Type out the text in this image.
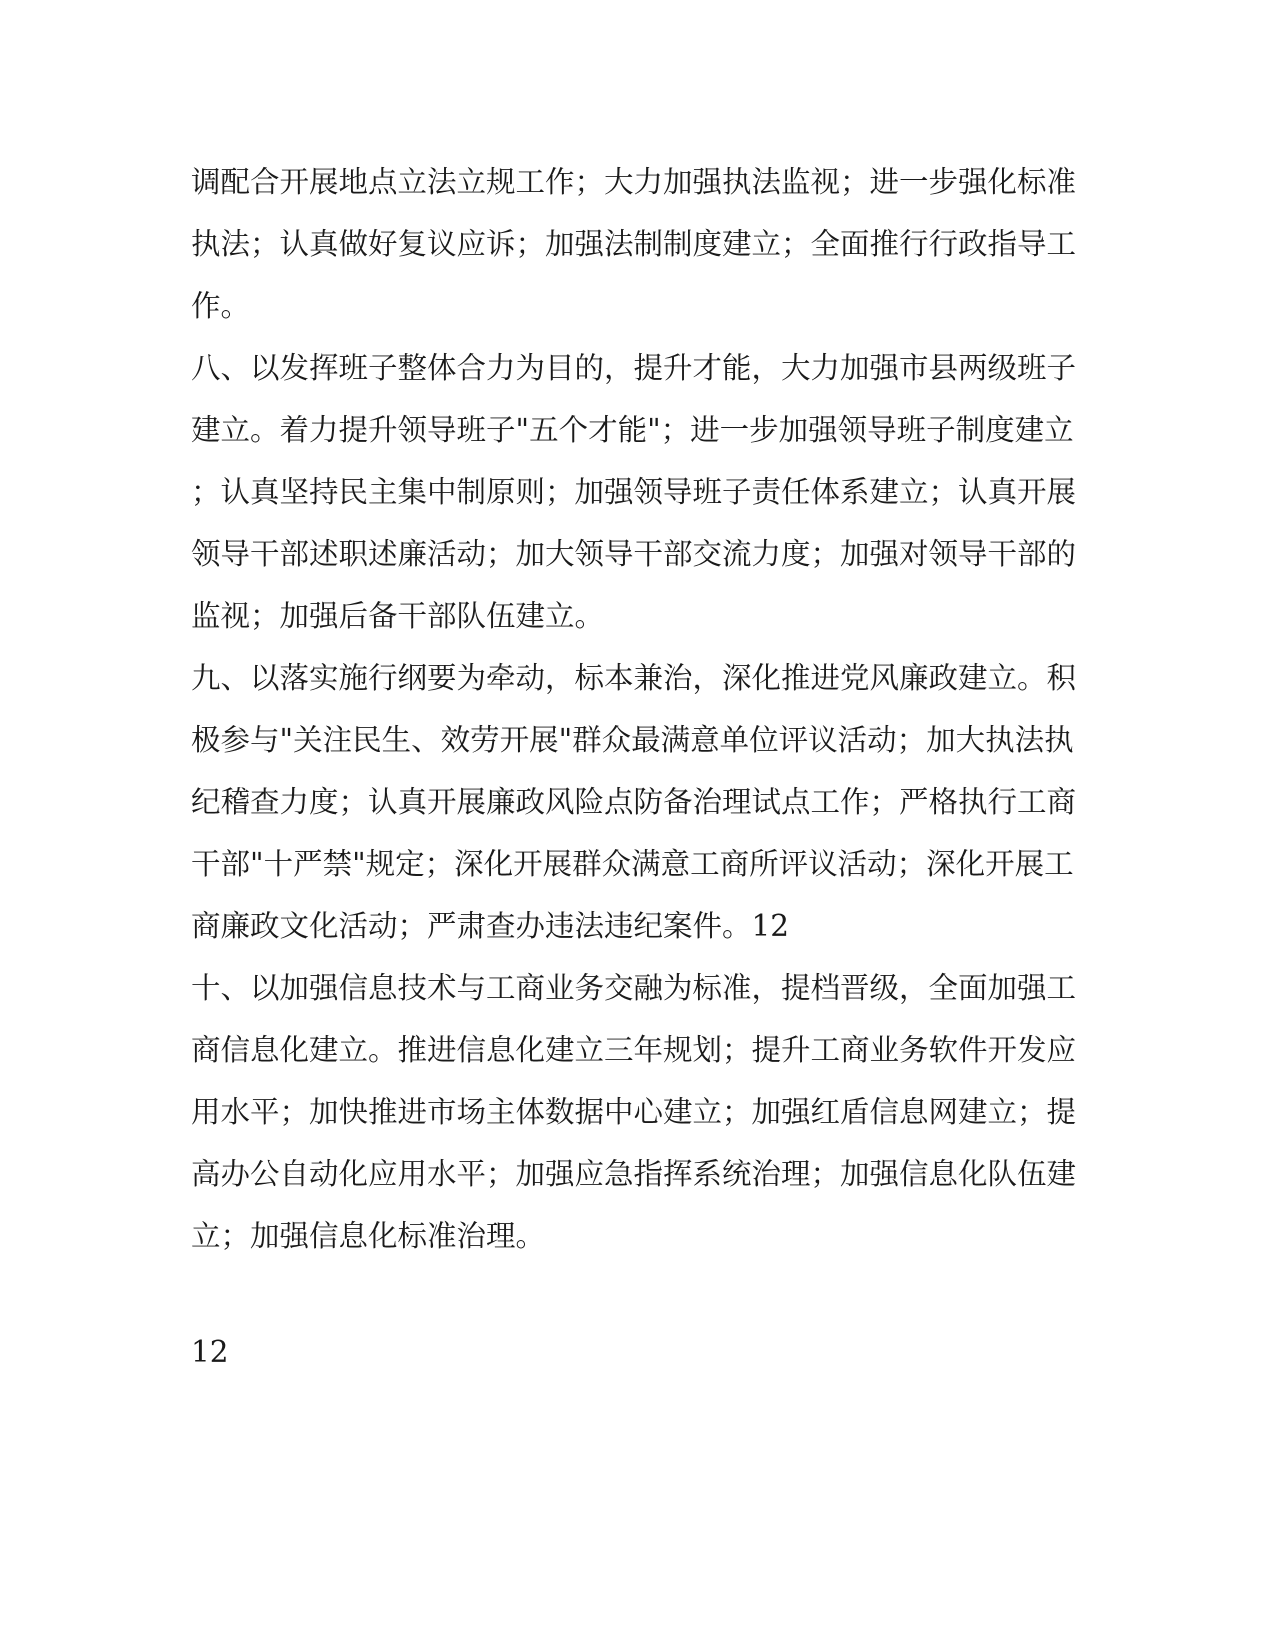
调配合开展地点立法立规工作；大力加强执法监视；进一步强化标准
执法；认真做好复议应诉；加强法制制度建立；全面推行行政指导工
作。
八、以发挥班子整体合力为目的，提升才能，大力加强市县两级班子
建立。着力提升领导班子"五个才能"；进一步加强领导班子制度建立
；认真坚持民主集中制原则；加强领导班子责任体系建立；认真开展
领导干部述职述廉活动；加大领导干部交流力度；加强对领导干部的
监视；加强后备干部队伍建立。
九、以落实施行纲要为牵动，标本兼治，深化推进党风廉政建立。积
极参与"关注民生、效劳开展"群众最满意单位评议活动；加大执法执
纪稽查力度；认真开展廉政风险点防备治理试点工作；严格执行工商
干部"十严禁"规定；深化开展群众满意工商所评议活动；深化开展工
商廉政文化活动；严肃查办违法违纪案件。12
十、以加强信息技术与工商业务交融为标准，提档晋级，全面加强工
商信息化建立。推进信息化建立三年规划；提升工商业务软件开发应
用水平；加快推进市场主体数据中心建立；加强红盾信息网建立；提
高办公自动化应用水平；加强应急指挥系统治理；加强信息化队伍建
立；加强信息化标准治理。
12
